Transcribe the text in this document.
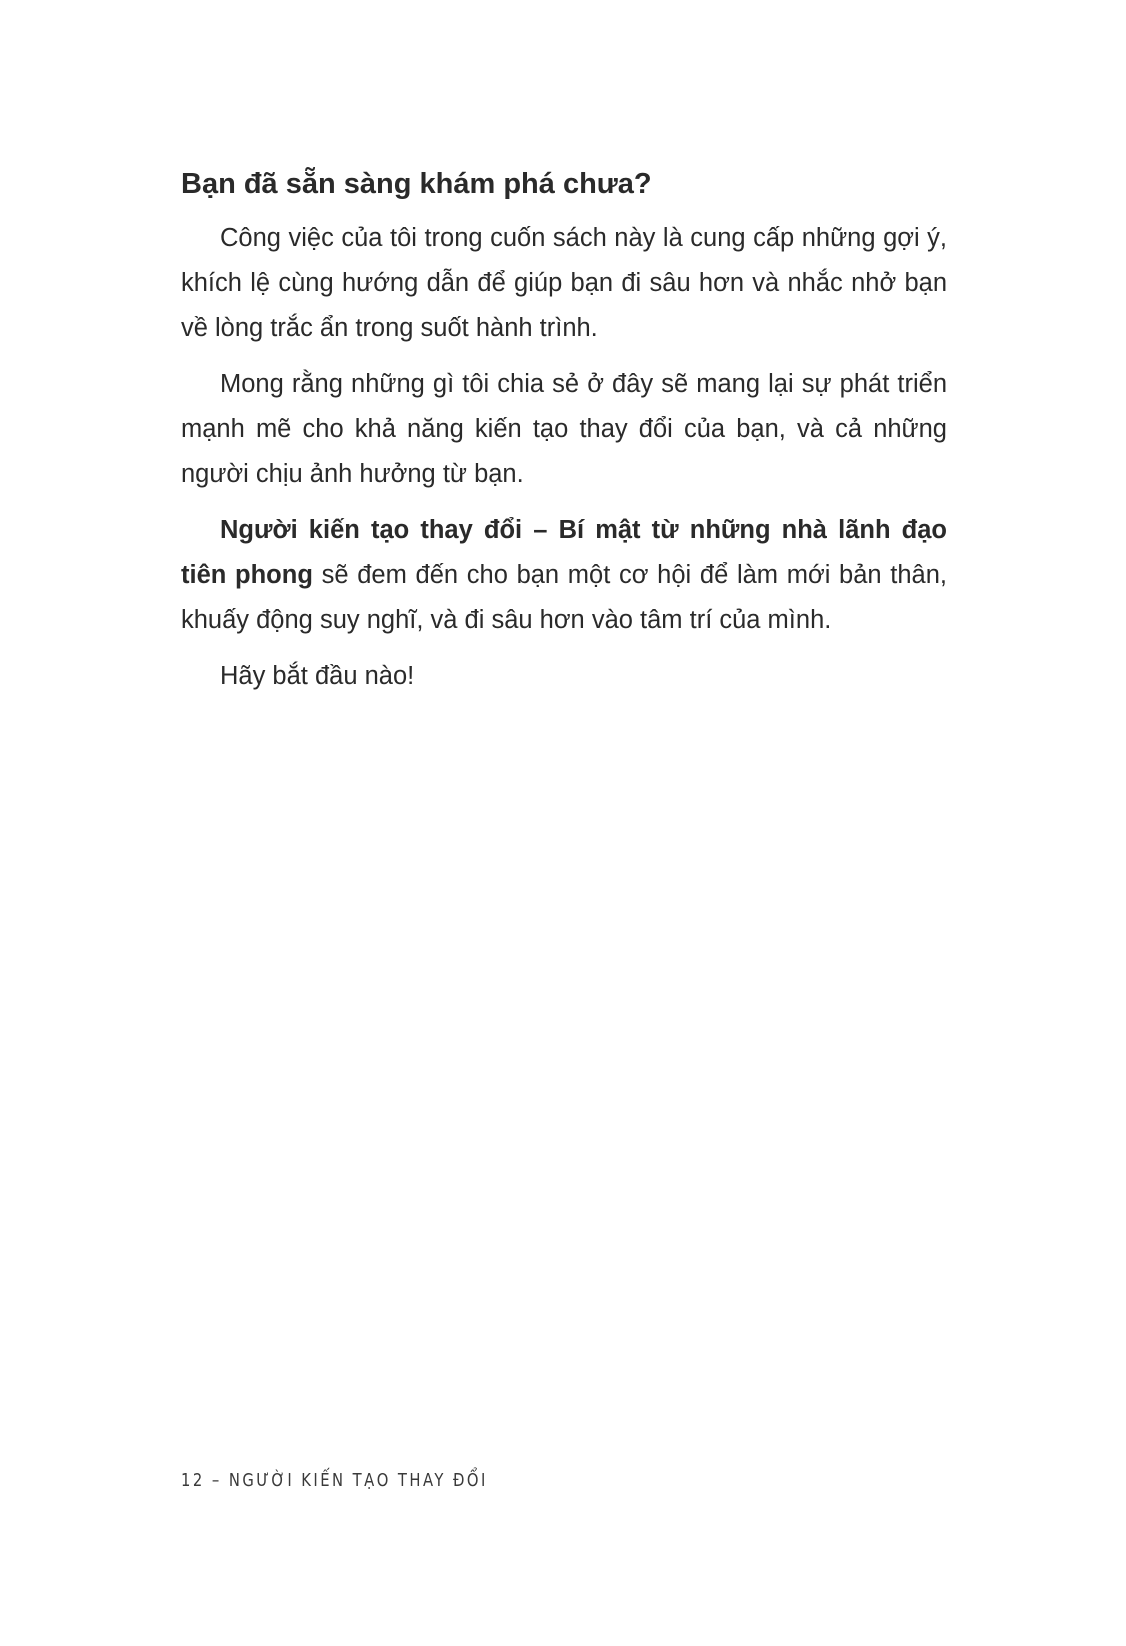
Bạn đã sẵn sàng khám phá chưa?

Công việc của tôi trong cuốn sách này là cung cấp những gợi ý, khích lệ cùng hướng dẫn để giúp bạn đi sâu hơn và nhắc nhở bạn về lòng trắc ẩn trong suốt hành trình.

Mong rằng những gì tôi chia sẻ ở đây sẽ mang lại sự phát triển mạnh mẽ cho khả năng kiến tạo thay đổi của bạn, và cả những người chịu ảnh hưởng từ bạn.

Người kiến tạo thay đổi – Bí mật từ những nhà lãnh đạo tiên phong sẽ đem đến cho bạn một cơ hội để làm mới bản thân, khuấy động suy nghĩ, và đi sâu hơn vào tâm trí của mình.

Hãy bắt đầu nào!

12 – NGƯỜI KIẾN TẠO THAY ĐỔI
